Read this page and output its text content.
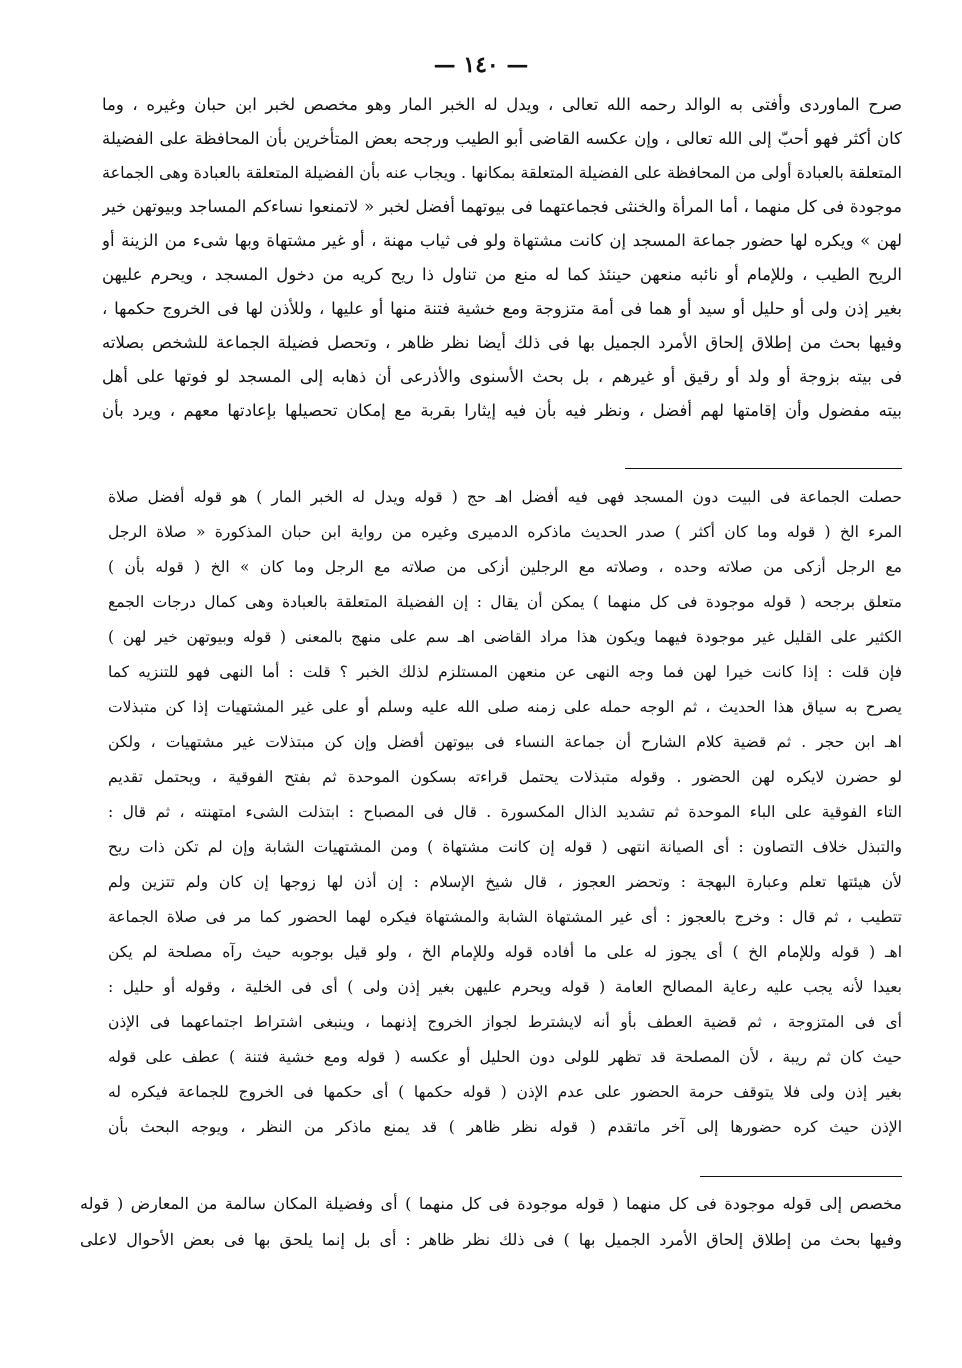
— ١٤٠ —
صرح الماوردى وأفتى به الوالد رحمه الله تعالى ، ويدل له الخبر المار وهو مخصص لخبر ابن حبان وغيره ، وما
كان أكثر فهو أحبّ إلى الله تعالى ، وإن عكسه القاضى أبو الطيب ورجحه بعض المتأخرين بأن المحافظة على الفضيلة
المتعلقة بالعبادة أولى من المحافظة على الفضيلة المتعلقة بمكانها . ويجاب عنه بأن الفضيلة المتعلقة بالعبادة وهى الجماعة
موجودة فى كل منهما ، أما المرأة والخنثى فجماعتهما فى بيوتهما أفضل لخبر « لاتمنعوا نساءكم المساجد وبيوتهن خير
لهن » ويكره لها حضور جماعة المسجد إن كانت مشتهاة ولو فى ثياب مهنة ، أو غير مشتهاة وبها شىء من الزينة أو
الريح الطيب ، وللإمام أو نائبه منعهن حينئذ كما له منع من تناول ذا ريح كريه من دخول المسجد ، ويحرم عليهن
بغير إذن ولى أو حليل أو سيد أو هما فى أمة متزوجة ومع خشية فتنة منها أو عليها ، وللأذن لها فى الخروج حكمها ،
وفيها بحث من إطلاق إلحاق الأمرد الجميل بها فى ذلك أيضا نظر ظاهر ، وتحصل فضيلة الجماعة للشخص بصلاته
فى بيته بزوجة أو ولد أو رقيق أو غيرهم ، بل بحث الأسنوى والأذرعى أن ذهابه إلى المسجد لو فوتها على أهل
بيته مفضول وأن إقامتها لهم أفضل ، ونظر فيه بأن فيه إيثارا بقربة مع إمكان تحصيلها بإعادتها معهم ، ويرد بأن
حصلت الجماعة فى البيت دون المسجد فهى فيه أفضل اهـ حج ( قوله ويدل له الخبر المار ) هو قوله أفضل صلاة
المرء الخ ( قوله وما كان أكثر ) صدر الحديث ماذكره الدميرى وغيره من رواية ابن حبان المذكورة « صلاة الرجل
مع الرجل أزكى من صلاته وحده ، وصلاته مع الرجلين أزكى من صلاته مع الرجل وما كان » الخ ( قوله بأن )
متعلق برجحه ( قوله موجودة فى كل منهما ) يمكن أن يقال : إن الفضيلة المتعلقة بالعبادة وهى كمال درجات الجمع
الكثير على القليل غير موجودة فيهما ويكون هذا مراد القاضى اهـ سم على منهج بالمعنى ( قوله وبيوتهن خير لهن )
فإن قلت : إذا كانت خيرا لهن فما وجه النهى عن منعهن المستلزم لذلك الخبر ؟ قلت : أما النهى فهو للتنزيه كما
يصرح به سياق هذا الحديث ، ثم الوجه حمله على زمنه صلى الله عليه وسلم أو على غير المشتهيات إذا كن متبذلات
اهـ ابن حجر . ثم قضية كلام الشارح أن جماعة النساء فى بيوتهن أفضل وإن كن مبتذلات غير مشتهيات ، ولكن
لو حضرن لايكره لهن الحضور . وقوله متبذلات يحتمل قراءته بسكون الموحدة ثم بفتح الفوقية ، ويحتمل تقديم
التاء الفوقية على الباء الموحدة ثم تشديد الذال المكسورة . قال فى المصباح : ابتذلت الشىء امتهنته ، ثم قال :
والتبذل خلاف التصاون : أى الصيانة انتهى ( قوله إن كانت مشتهاة ) ومن المشتهيات الشابة وإن لم تكن ذات ريح
لأن هيئتها تعلم وعبارة البهجة : وتحضر العجوز ، قال شيخ الإسلام : إن أذن لها زوجها إن كان ولم تتزين ولم
تتطيب ، ثم قال : وخرج بالعجوز : أى غير المشتهاة الشابة والمشتهاة فيكره لهما الحضور كما مر فى صلاة الجماعة
اهـ ( قوله وللإمام الخ ) أى يجوز له على ما أفاده قوله وللإمام الخ ، ولو قيل بوجوبه حيث رآه مصلحة لم يكن
بعيدا لأنه يجب عليه رعاية المصالح العامة ( قوله ويحرم عليهن بغير إذن ولى ) أى فى الخلية ، وقوله أو حليل :
أى فى المتزوجة ، ثم قضية العطف بأو أنه لايشترط لجواز الخروج إذنهما ، وينبغى اشتراط اجتماعهما فى الإذن
حيث كان ثم ريبة ، لأن المصلحة قد تظهر للولى دون الحليل أو عكسه ( قوله ومع خشية فتنة ) عطف على قوله
بغير إذن ولى فلا يتوقف حرمة الحضور على عدم الإذن ( قوله حكمها ) أى حكمها فى الخروج للجماعة فيكره له
الإذن حيث كره حضورها إلى آخر ماتقدم ( قوله نظر ظاهر ) قد يمنع ماذكر من النظر ، ويوجه البحث بأن
مخصص إلى قوله موجودة فى كل منهما ( قوله موجودة فى كل منهما ) أى وفضيلة المكان سالمة من المعارض ( قوله
وفيها بحث من إطلاق إلحاق الأمرد الجميل بها ) فى ذلك نظر ظاهر : أى بل إنما يلحق بها فى بعض الأحوال لاعلى
